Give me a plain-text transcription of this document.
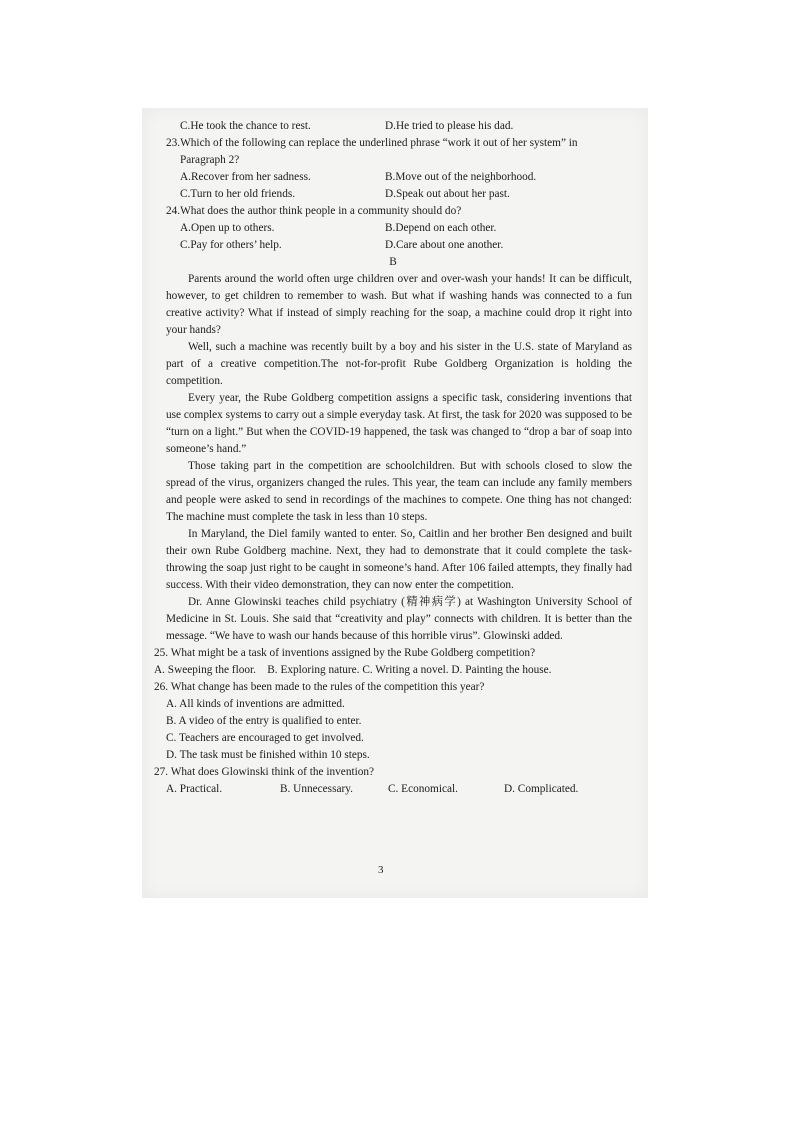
C.He took the chance to rest.	D.He tried to please his dad.
23.Which of the following can replace the underlined phrase “work it out of her system” in
Paragraph 2?
A.Recover from her sadness.	B.Move out of the neighborhood.
C.Turn to her old friends.	D.Speak out about her past.
24.What does the author think people in a community should do?
A.Open up to others.	B.Depend on each other.
C.Pay for others’ help.	D.Care about one another.
B
Parents around the world often urge children over and over-wash your hands! It can be difficult, however, to get children to remember to wash. But what if washing hands was connected to a fun creative activity? What if instead of simply reaching for the soap, a machine could drop it right into your hands?
Well, such a machine was recently built by a boy and his sister in the U.S. state of Maryland as part of a creative competition.The not-for-profit Rube Goldberg Organization is holding the competition.
Every year, the Rube Goldberg competition assigns a specific task, considering inventions that use complex systems to carry out a simple everyday task. At first, the task for 2020 was supposed to be “turn on a light.” But when the COVID-19 happened, the task was changed to “drop a bar of soap into someone’s hand.”
Those taking part in the competition are schoolchildren. But with schools closed to slow the spread of the virus, organizers changed the rules. This year, the team can include any family members and people were asked to send in recordings of the machines to compete. One thing has not changed: The machine must complete the task in less than 10 steps.
In Maryland, the Diel family wanted to enter. So, Caitlin and her brother Ben designed and built their own Rube Goldberg machine. Next, they had to demonstrate that it could complete the task-throwing the soap just right to be caught in someone’s hand. After 106 failed attempts, they finally had success. With their video demonstration, they can now enter the competition.
Dr. Anne Glowinski teaches child psychiatry (精神病学) at Washington University School of Medicine in St. Louis. She said that “creativity and play” connects with children. It is better than the message. “We have to wash our hands because of this horrible virus”. Glowinski added.
25. What might be a task of inventions assigned by the Rube Goldberg competition?
A. Sweeping the floor.    B. Exploring nature. C. Writing a novel. D. Painting the house.
26. What change has been made to the rules of the competition this year?
A. All kinds of inventions are admitted.
B. A video of the entry is qualified to enter.
C. Teachers are encouraged to get involved.
D. The task must be finished within 10 steps.
27. What does Glowinski think of the invention?
A. Practical.	B. Unnecessary.	C. Economical.	D. Complicated.
3
